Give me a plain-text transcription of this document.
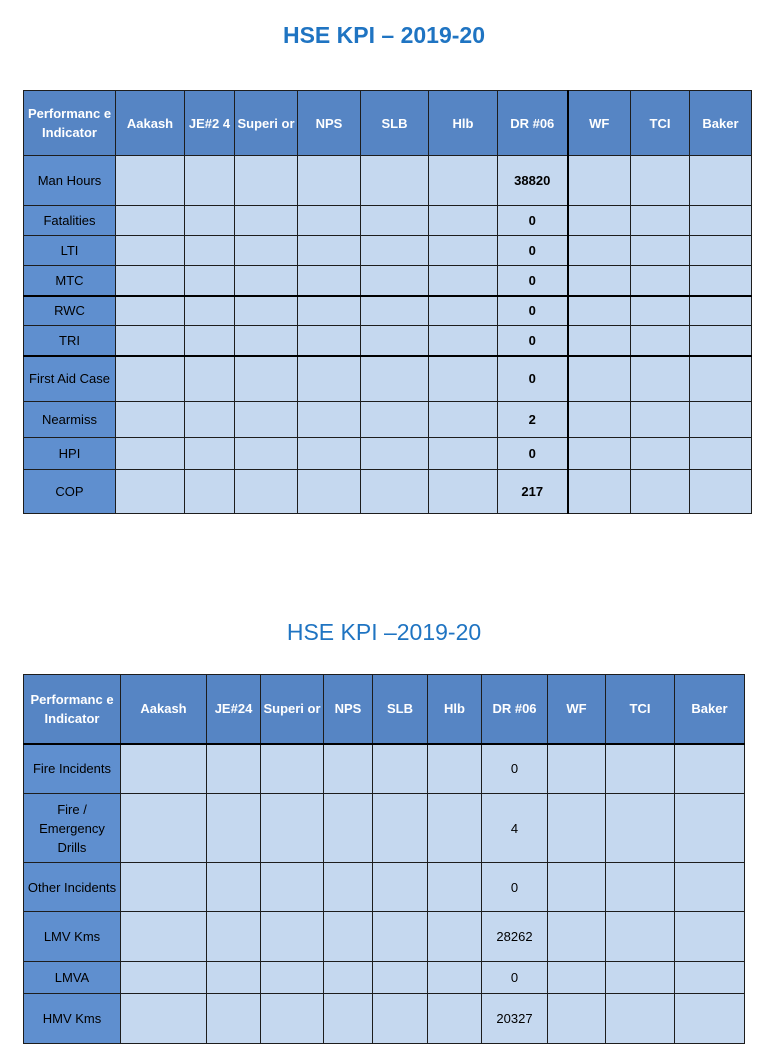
HSE KPI – 2019-20
Performanc e Indicator	Aakash	JE#2 4	Superi or	NPS	SLB	Hlb	DR #06	WF	TCI	Baker
Man Hours							38820			
Fatalities							0			
LTI							0			
MTC							0			
RWC							0			
TRI							0			
First Aid Case							0			
Nearmiss							2			
HPI							0			
COP							217			
HSE KPI –2019-20
Performanc e Indicator	Aakash	JE#24	Superi or	NPS	SLB	Hlb	DR #06	WF	TCI	Baker
Fire Incidents							0			
Fire / Emergency Drills							4			
Other Incidents							0			
LMV Kms							28262			
LMVA							0			
HMV Kms							20327			
